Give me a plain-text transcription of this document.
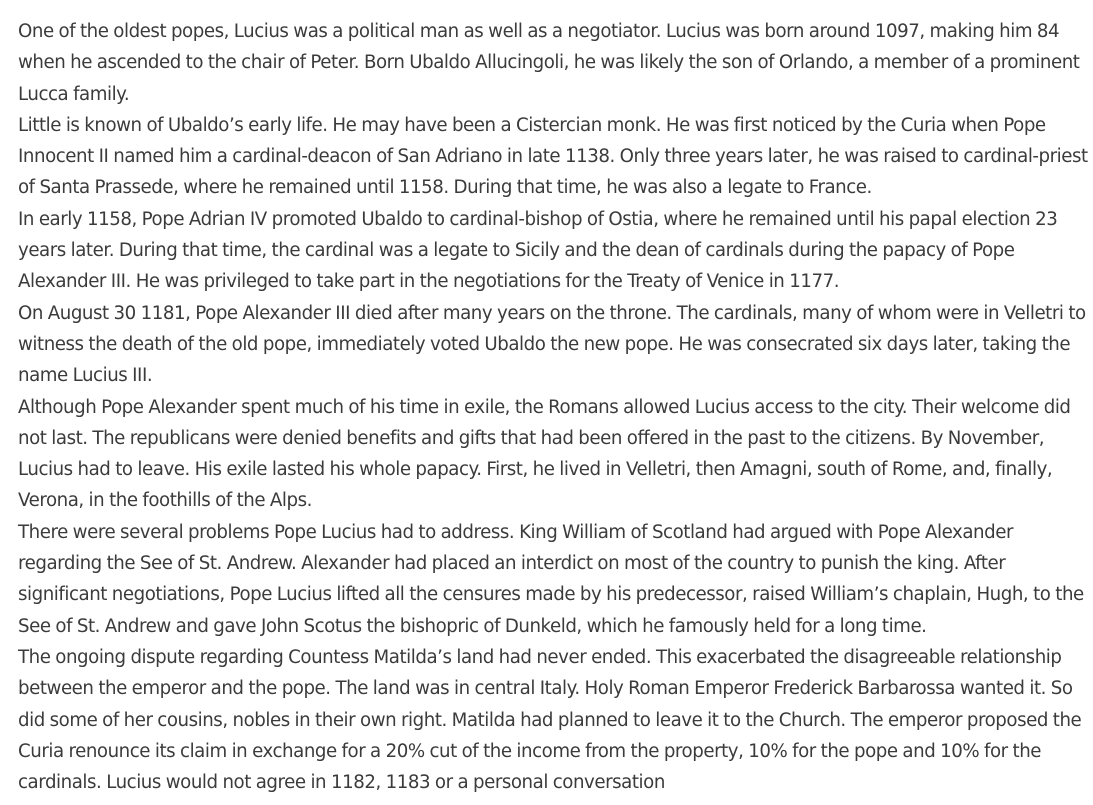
One of the oldest popes, Lucius was a political man as well as a negotiator. Lucius was born around 1097, making him 84 when he ascended to the chair of Peter. Born Ubaldo Allucingoli, he was likely the son of Orlando, a member of a prominent Lucca family.

Little is known of Ubaldo’s early life. He may have been a Cistercian monk. He was first noticed by the Curia when Pope Innocent II named him a cardinal-deacon of San Adriano in late 1138. Only three years later, he was raised to cardinal-priest of Santa Prassede, where he remained until 1158. During that time, he was also a legate to France.

In early 1158, Pope Adrian IV promoted Ubaldo to cardinal-bishop of Ostia, where he remained until his papal election 23 years later. During that time, the cardinal was a legate to Sicily and the dean of cardinals during the papacy of Pope Alexander III. He was privileged to take part in the negotiations for the Treaty of Venice in 1177.

On August 30 1181, Pope Alexander III died after many years on the throne. The cardinals, many of whom were in Velletri to witness the death of the old pope, immediately voted Ubaldo the new pope. He was consecrated six days later, taking the name Lucius III.

Although Pope Alexander spent much of his time in exile, the Romans allowed Lucius access to the city. Their welcome did not last. The republicans were denied benefits and gifts that had been offered in the past to the citizens. By November, Lucius had to leave. His exile lasted his whole papacy. First, he lived in Velletri, then Amagni, south of Rome, and, finally, Verona, in the foothills of the Alps.

There were several problems Pope Lucius had to address. King William of Scotland had argued with Pope Alexander regarding the See of St. Andrew. Alexander had placed an interdict on most of the country to punish the king. After significant negotiations, Pope Lucius lifted all the censures made by his predecessor, raised William’s chaplain, Hugh, to the See of St. Andrew and gave John Scotus the bishopric of Dunkeld, which he famously held for a long time.

The ongoing dispute regarding Countess Matilda’s land had never ended. This exacerbated the disagreeable relationship between the emperor and the pope. The land was in central Italy. Holy Roman Emperor Frederick Barbarossa wanted it. So did some of her cousins, nobles in their own right. Matilda had planned to leave it to the Church. The emperor proposed the Curia renounce its claim in exchange for a 20% cut of the income from the property, 10% for the pope and 10% for the cardinals. Lucius would not agree in 1182, 1183 or a personal conversation
